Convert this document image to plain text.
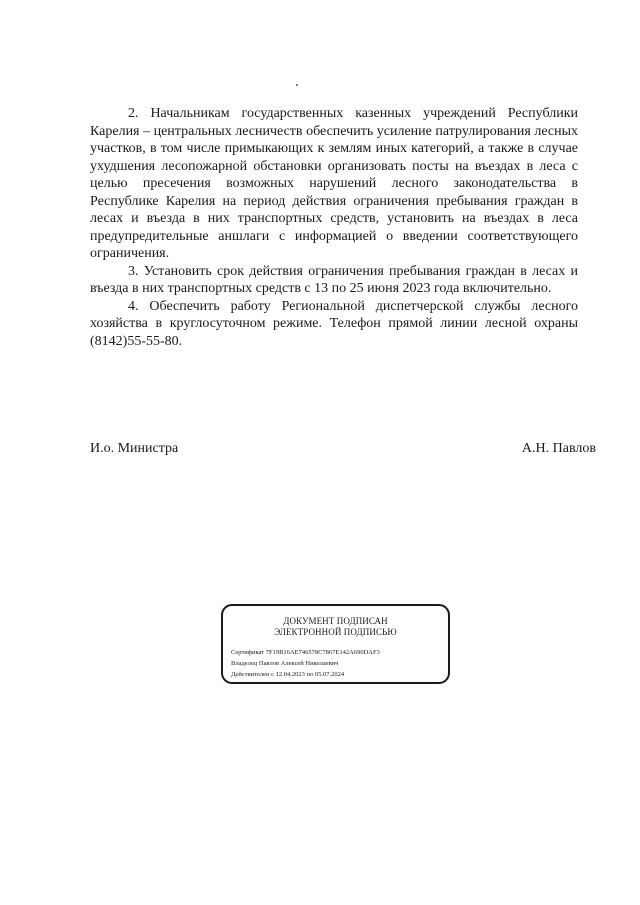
2. Начальникам государственных казенных учреждений Республики Карелия – центральных лесничеств обеспечить усиление патрулирования лесных участков, в том числе примыкающих к землям иных категорий, а также в случае ухудшения лесопожарной обстановки организовать посты на въездах в леса с целью пресечения возможных нарушений лесного законодательства в Республике Карелия на период действия ограничения пребывания граждан в лесах и въезда в них транспортных средств, установить на въездах в леса предупредительные аншлаги с информацией о введении соответствующего ограничения.

3. Установить срок действия ограничения пребывания граждан в лесах и въезда в них транспортных средств с 13 по 25 июня 2023 года включительно.

4. Обеспечить работу Региональной диспетчерской службы лесного хозяйства в круглосуточном режиме. Телефон прямой линии лесной охраны (8142)55-55-80.

И.о. Министра	А.Н. Павлов
ДОКУМЕНТ ПОДПИСАН
ЭЛЕКТРОННОЙ ПОДПИСЬЮ
Сертификат 7F19B16AE746578C7867E142A690DAF3
Владелец Павлов Алексей Николаевич
Действителен с 12.04.2023 по 05.07.2024
